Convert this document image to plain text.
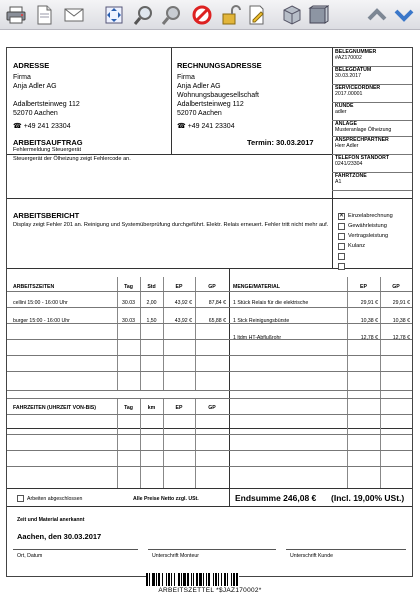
ADRESSE
Firma
Anja Adler AG
Adalbertsteinweg 112
52070 Aachen
☎ +49 241 23304
RECHNUNGSADRESSE
Firma
Anja Adler AG
Wohnungsbaugesellschaft
Adalbertsteinweg 112
52070 Aachen
☎ +49 241 23304
BELEGNUMMER
#AZ170002
BELEGDATUM
30.03.2017
SERVICEORDNER
2017.00001
KUNDE
adler
ANLAGE
Musteranlage Ölheizung
ANSPRECHPARTNER
Herr Adler
TELEFON STANDORT
0241/23304
FAHRTZONE
A1
ARBEITSAUFTRAG	Termin: 30.03.2017
Fehlermeldung Steuergerät
Steuergerät der Ölheizung zeigt Fehlercode an.
ARBEITSBERICHT
Display zeigt Fehler 201 an. Reinigung und Systemüberprüfung durchgeführt. Elektr. Relais erneuert. Fehler tritt nicht mehr auf.
✕ Einzelabrechnung
Gewährleistung
Vertragsleistung
Kulanz
ARBEITSZEITEN	Tag	Std	EP	GP
cellini 15:00 - 16:00 Uhr	30.03	2,00	43,92 €	87,84 €
burger 15:00 - 16:00 Uhr	30.03	1,50	43,92 €	65,88 €
FAHRZEITEN (UHRZEIT VON-BIS)	Tag	km	EP	GP
MENGE/MATERIAL	EP	GP
1 Stück Relais für die elektrische	29,91 €	29,91 €
1 Stck Reinigungsbürste	10,38 €	10,38 €
1 ltdm HT-Abflußrohr	12,78 €	12,78 €
Arbeiten abgeschlossen	Alle Preise Netto zzgl. USt.	Endsumme 246,08 € (Incl. 19,00% USt.)
Zeit und Material anerkannt
Aachen, den 30.03.2017
Ort, Datum	Unterschrift Monteur	Unterschrift Kunde
ARBEITSZETTEL *$JAZ170002*
